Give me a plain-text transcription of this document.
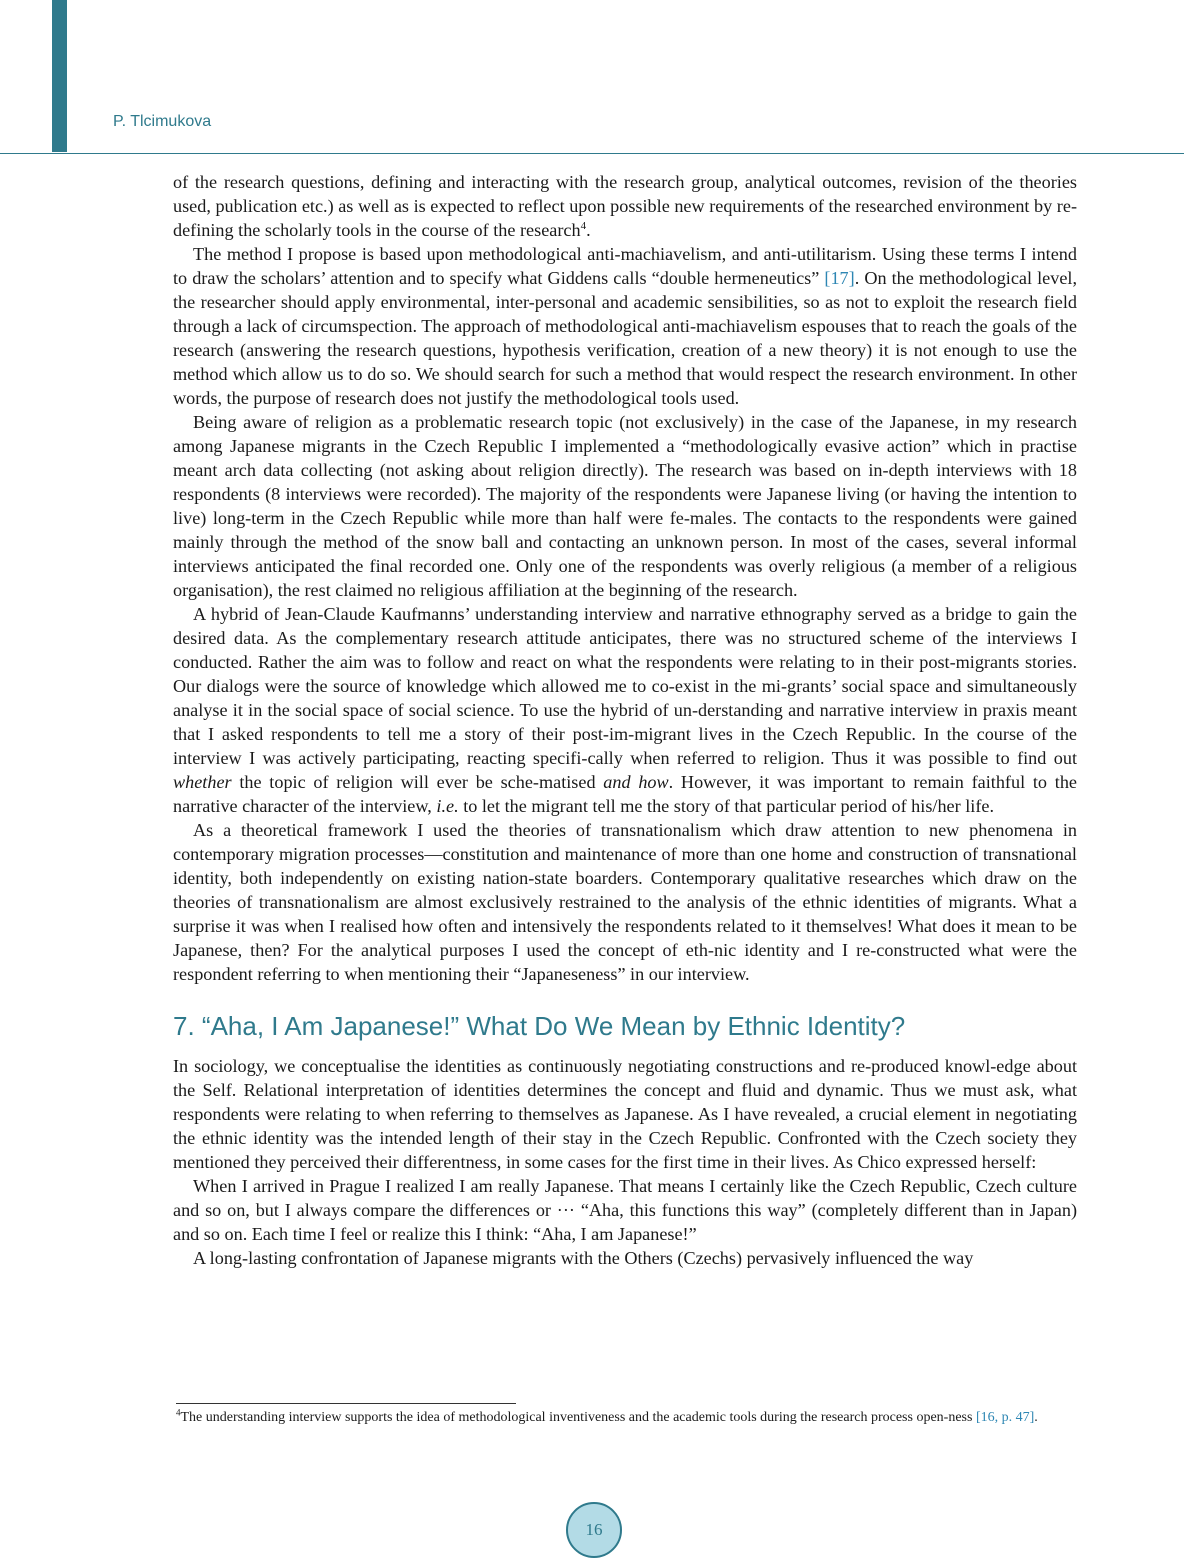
P. Tlcimukova

of the research questions, defining and interacting with the research group, analytical outcomes, revision of the theories used, publication etc.) as well as is expected to reflect upon possible new requirements of the researched environment by re-defining the scholarly tools in the course of the research$^4$.

The method I propose is based upon methodological anti-machiavelism, and anti-utilitarism. Using these terms I intend to draw the scholars’ attention and to specify what Giddens calls “double hermeneutics” [17]. On the methodological level, the researcher should apply environmental, inter-personal and academic sensibilities, so as not to exploit the research field through a lack of circumspection. The approach of methodological anti-machiavelism espouses that to reach the goals of the research (answering the research questions, hypothesis verification, creation of a new theory) it is not enough to use the method which allow us to do so. We should search for such a method that would respect the research environment. In other words, the purpose of research does not justify the methodological tools used.

Being aware of religion as a problematic research topic (not exclusively) in the case of the Japanese, in my research among Japanese migrants in the Czech Republic I implemented a “methodologically evasive action” which in practise meant arch data collecting (not asking about religion directly). The research was based on in-depth interviews with 18 respondents (8 interviews were recorded). The majority of the respondents were Japanese living (or having the intention to live) long-term in the Czech Republic while more than half were fe-males. The contacts to the respondents were gained mainly through the method of the snow ball and contacting an unknown person. In most of the cases, several informal interviews anticipated the final recorded one. Only one of the respondents was overly religious (a member of a religious organisation), the rest claimed no religious affiliation at the beginning of the research.

A hybrid of Jean-Claude Kaufmanns’ understanding interview and narrative ethnography served as a bridge to gain the desired data. As the complementary research attitude anticipates, there was no structured scheme of the interviews I conducted. Rather the aim was to follow and react on what the respondents were relating to in their post-migrants stories. Our dialogs were the source of knowledge which allowed me to co-exist in the mi-grants’ social space and simultaneously analyse it in the social space of social science. To use the hybrid of un-derstanding and narrative interview in praxis meant that I asked respondents to tell me a story of their post-im-migrant lives in the Czech Republic. In the course of the interview I was actively participating, reacting specifi-cally when referred to religion. Thus it was possible to find out whether the topic of religion will ever be sche-matised and how. However, it was important to remain faithful to the narrative character of the interview, i.e. to let the migrant tell me the story of that particular period of his/her life.

As a theoretical framework I used the theories of transnationalism which draw attention to new phenomena in contemporary migration processes—constitution and maintenance of more than one home and construction of transnational identity, both independently on existing nation-state boarders. Contemporary qualitative researches which draw on the theories of transnationalism are almost exclusively restrained to the analysis of the ethnic identities of migrants. What a surprise it was when I realised how often and intensively the respondents related to it themselves! What does it mean to be Japanese, then? For the analytical purposes I used the concept of eth-nic identity and I re-constructed what were the respondent referring to when mentioning their “Japaneseness” in our interview.

7. “Aha, I Am Japanese!” What Do We Mean by Ethnic Identity?

In sociology, we conceptualise the identities as continuously negotiating constructions and re-produced knowl-edge about the Self. Relational interpretation of identities determines the concept and fluid and dynamic. Thus we must ask, what respondents were relating to when referring to themselves as Japanese. As I have revealed, a crucial element in negotiating the ethnic identity was the intended length of their stay in the Czech Republic. Confronted with the Czech society they mentioned they perceived their differentness, in some cases for the first time in their lives. As Chico expressed herself:

When I arrived in Prague I realized I am really Japanese. That means I certainly like the Czech Republic, Czech culture and so on, but I always compare the differences or ··· “Aha, this functions this way” (completely different than in Japan) and so on. Each time I feel or realize this I think: “Aha, I am Japanese!”

A long-lasting confrontation of Japanese migrants with the Others (Czechs) pervasively influenced the way

$^4$The understanding interview supports the idea of methodological inventiveness and the academic tools during the research process open-ness [16, p. 47].

16
